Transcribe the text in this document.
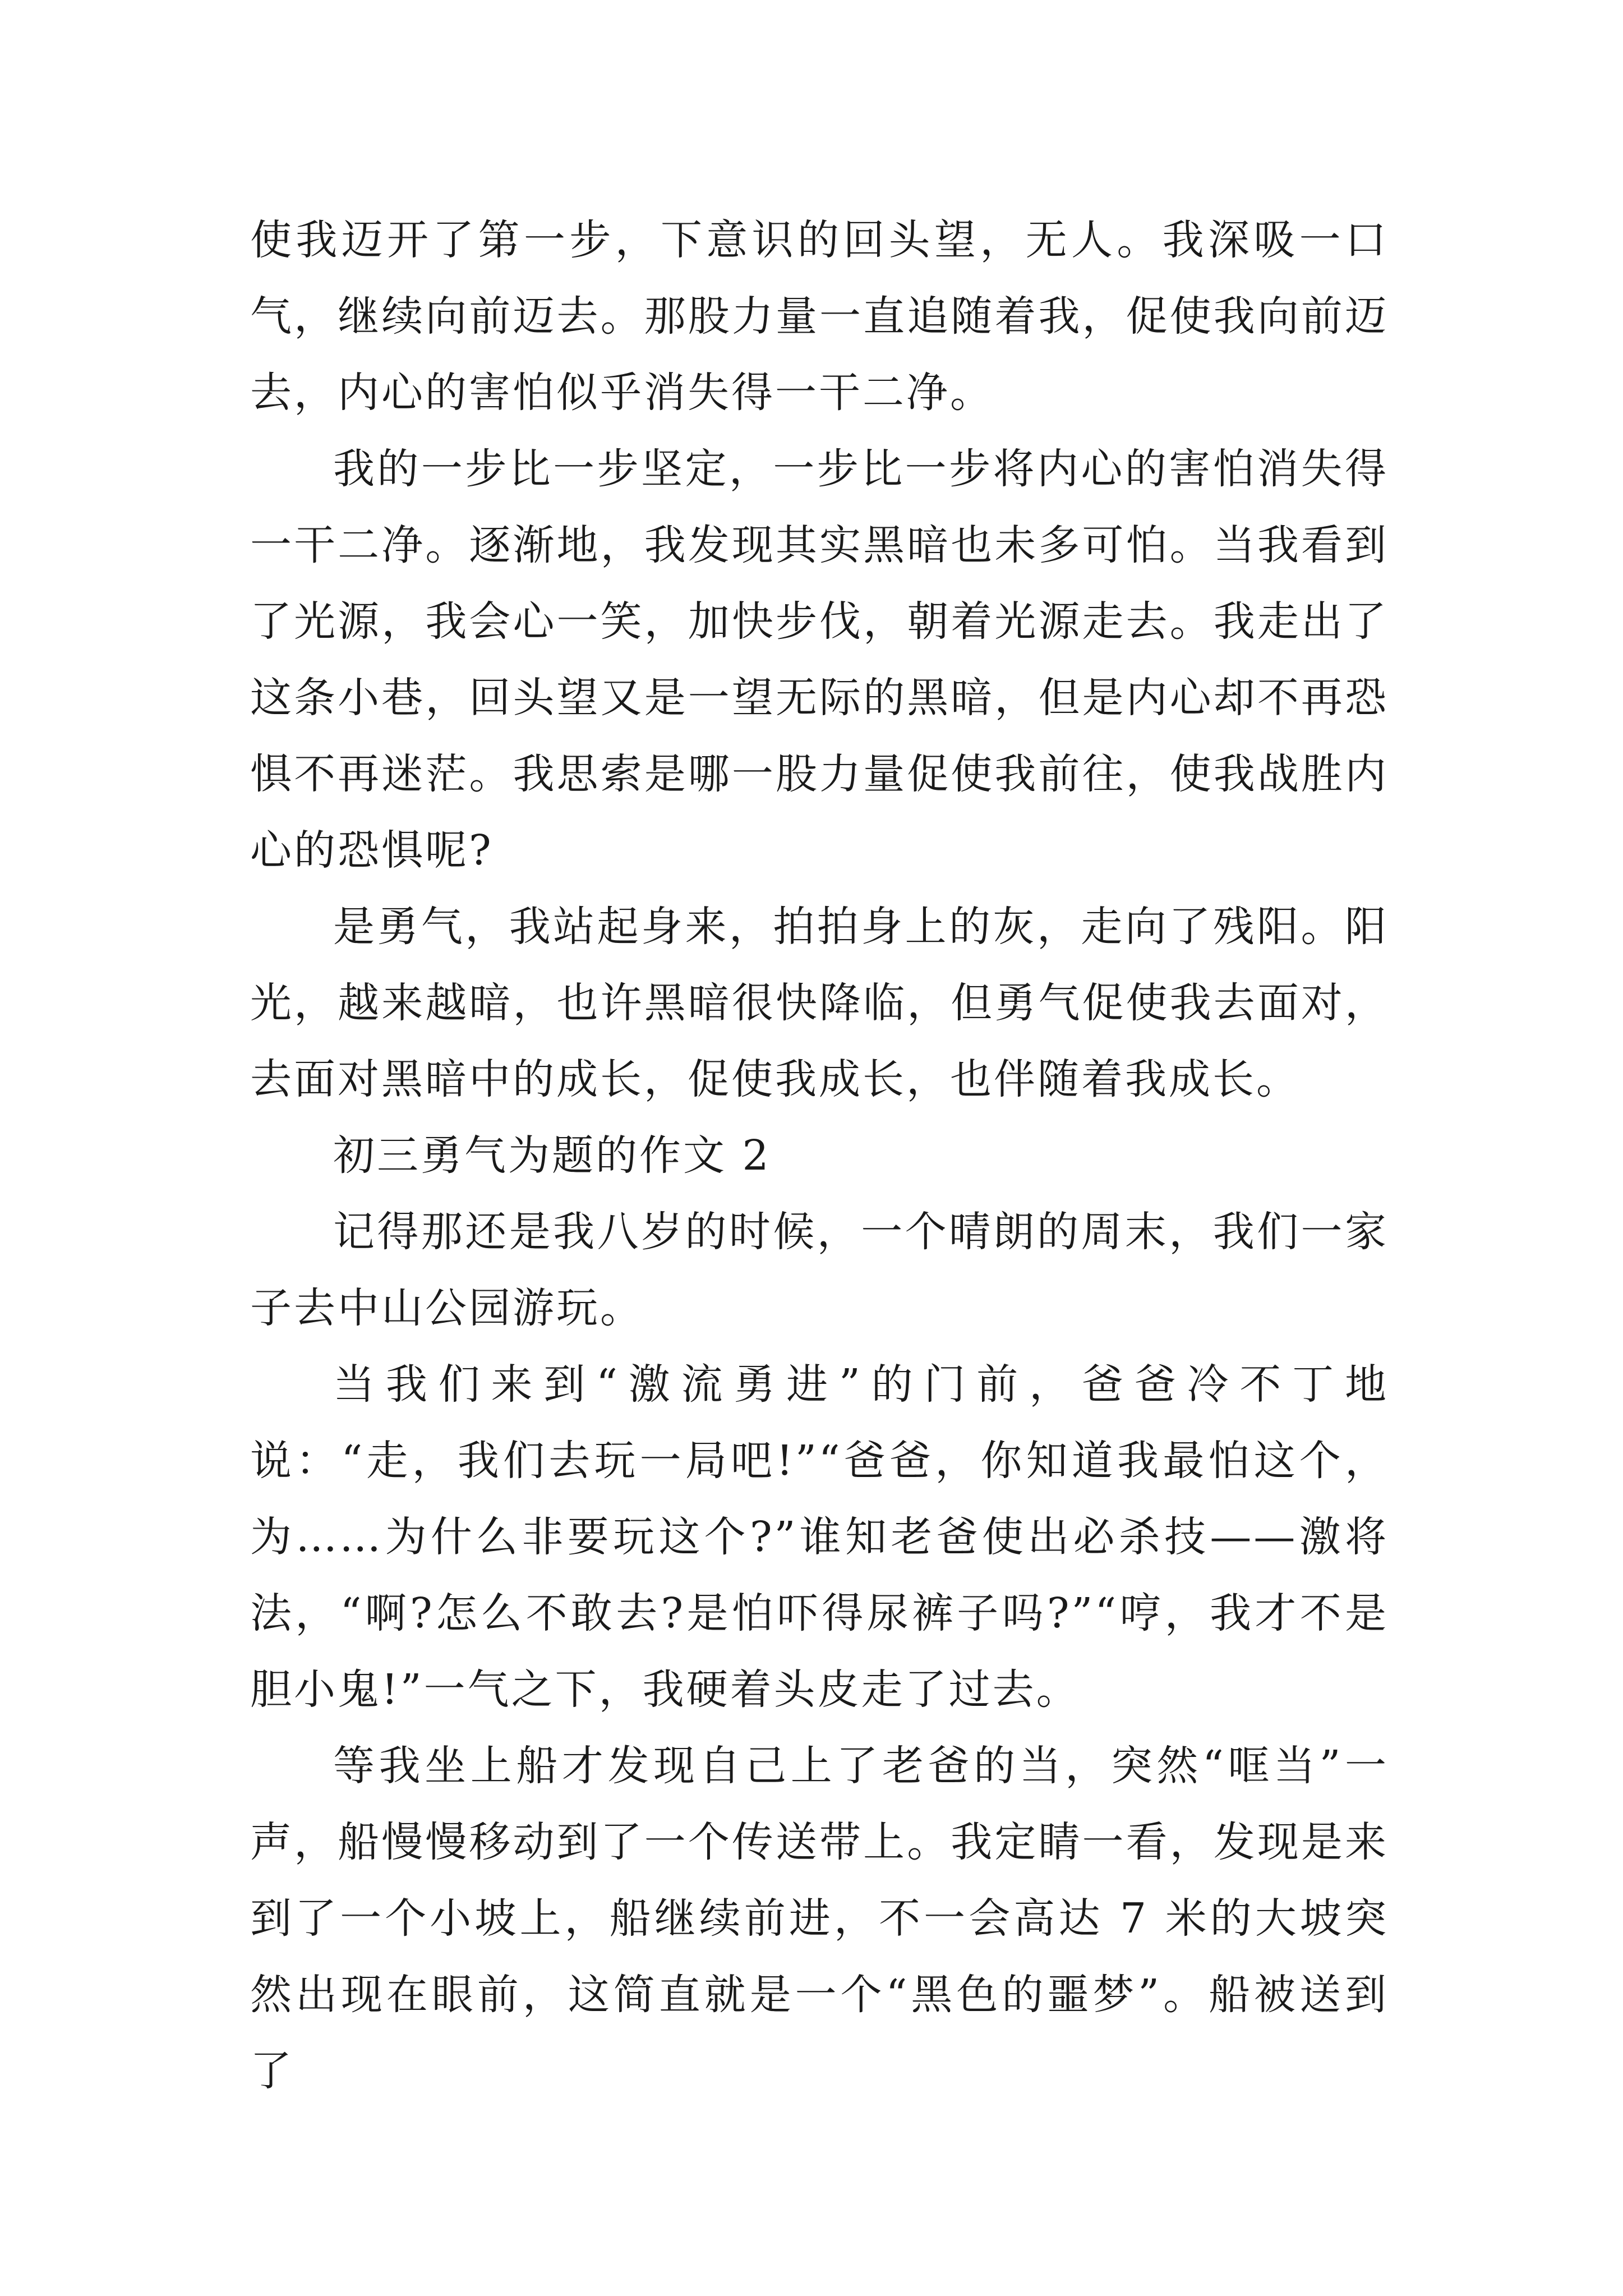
使我迈开了第一步，下意识的回头望，无人。我深吸一口气，继续向前迈去。那股力量一直追随着我，促使我向前迈去，内心的害怕似乎消失得一干二净。

我的一步比一步坚定，一步比一步将内心的害怕消失得一干二净。逐渐地，我发现其实黑暗也未多可怕。当我看到了光源，我会心一笑，加快步伐，朝着光源走去。我走出了这条小巷，回头望又是一望无际的黑暗，但是内心却不再恐惧不再迷茫。我思索是哪一股力量促使我前往，使我战胜内心的恐惧呢?

是勇气，我站起身来，拍拍身上的灰，走向了残阳。阳光，越来越暗，也许黑暗很快降临，但勇气促使我去面对，去面对黑暗中的成长，促使我成长，也伴随着我成长。

初三勇气为题的作文 2

记得那还是我八岁的时候，一个晴朗的周末，我们一家子去中山公园游玩。

当我们来到“激流勇进”的门前，爸爸冷不丁地说：“走，我们去玩一局吧!”“爸爸，你知道我最怕这个，为……为什么非要玩这个?”谁知老爸使出必杀技——激将法，“啊?怎么不敢去?是怕吓得尿裤子吗?”“哼，我才不是胆小鬼!”一气之下，我硬着头皮走了过去。

等我坐上船才发现自己上了老爸的当，突然“哐当”一声，船慢慢移动到了一个传送带上。我定睛一看，发现是来到了一个小坡上，船继续前进，不一会高达 7 米的大坡突然出现在眼前，这简直就是一个“黑色的噩梦”。船被送到了
